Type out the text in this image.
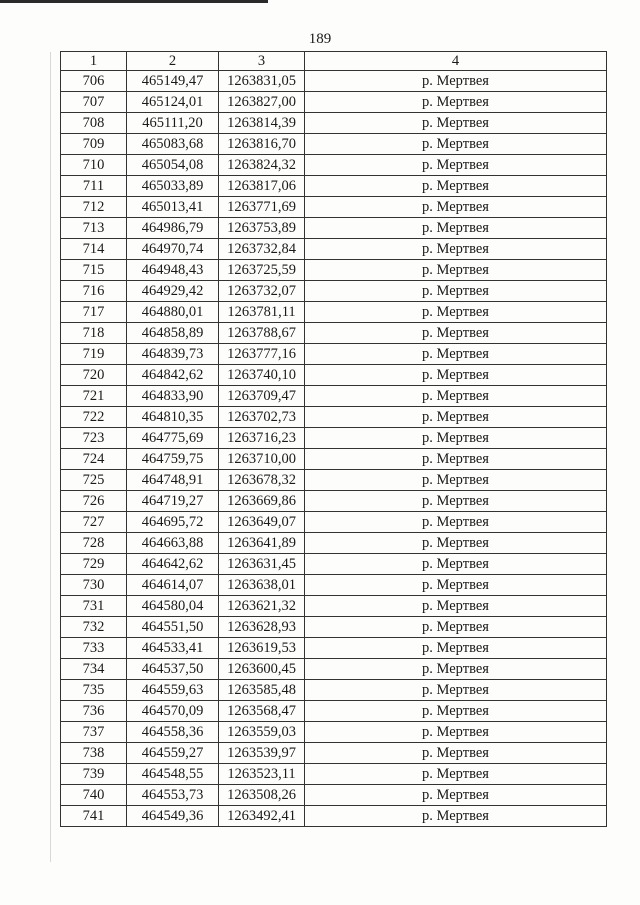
189
1	2	3	4
706	465149,47	1263831,05	р. Мертвея
707	465124,01	1263827,00	р. Мертвея
708	465111,20	1263814,39	р. Мертвея
709	465083,68	1263816,70	р. Мертвея
710	465054,08	1263824,32	р. Мертвея
711	465033,89	1263817,06	р. Мертвея
712	465013,41	1263771,69	р. Мертвея
713	464986,79	1263753,89	р. Мертвея
714	464970,74	1263732,84	р. Мертвея
715	464948,43	1263725,59	р. Мертвея
716	464929,42	1263732,07	р. Мертвея
717	464880,01	1263781,11	р. Мертвея
718	464858,89	1263788,67	р. Мертвея
719	464839,73	1263777,16	р. Мертвея
720	464842,62	1263740,10	р. Мертвея
721	464833,90	1263709,47	р. Мертвея
722	464810,35	1263702,73	р. Мертвея
723	464775,69	1263716,23	р. Мертвея
724	464759,75	1263710,00	р. Мертвея
725	464748,91	1263678,32	р. Мертвея
726	464719,27	1263669,86	р. Мертвея
727	464695,72	1263649,07	р. Мертвея
728	464663,88	1263641,89	р. Мертвея
729	464642,62	1263631,45	р. Мертвея
730	464614,07	1263638,01	р. Мертвея
731	464580,04	1263621,32	р. Мертвея
732	464551,50	1263628,93	р. Мертвея
733	464533,41	1263619,53	р. Мертвея
734	464537,50	1263600,45	р. Мертвея
735	464559,63	1263585,48	р. Мертвея
736	464570,09	1263568,47	р. Мертвея
737	464558,36	1263559,03	р. Мертвея
738	464559,27	1263539,97	р. Мертвея
739	464548,55	1263523,11	р. Мертвея
740	464553,73	1263508,26	р. Мертвея
741	464549,36	1263492,41	р. Мертвея
